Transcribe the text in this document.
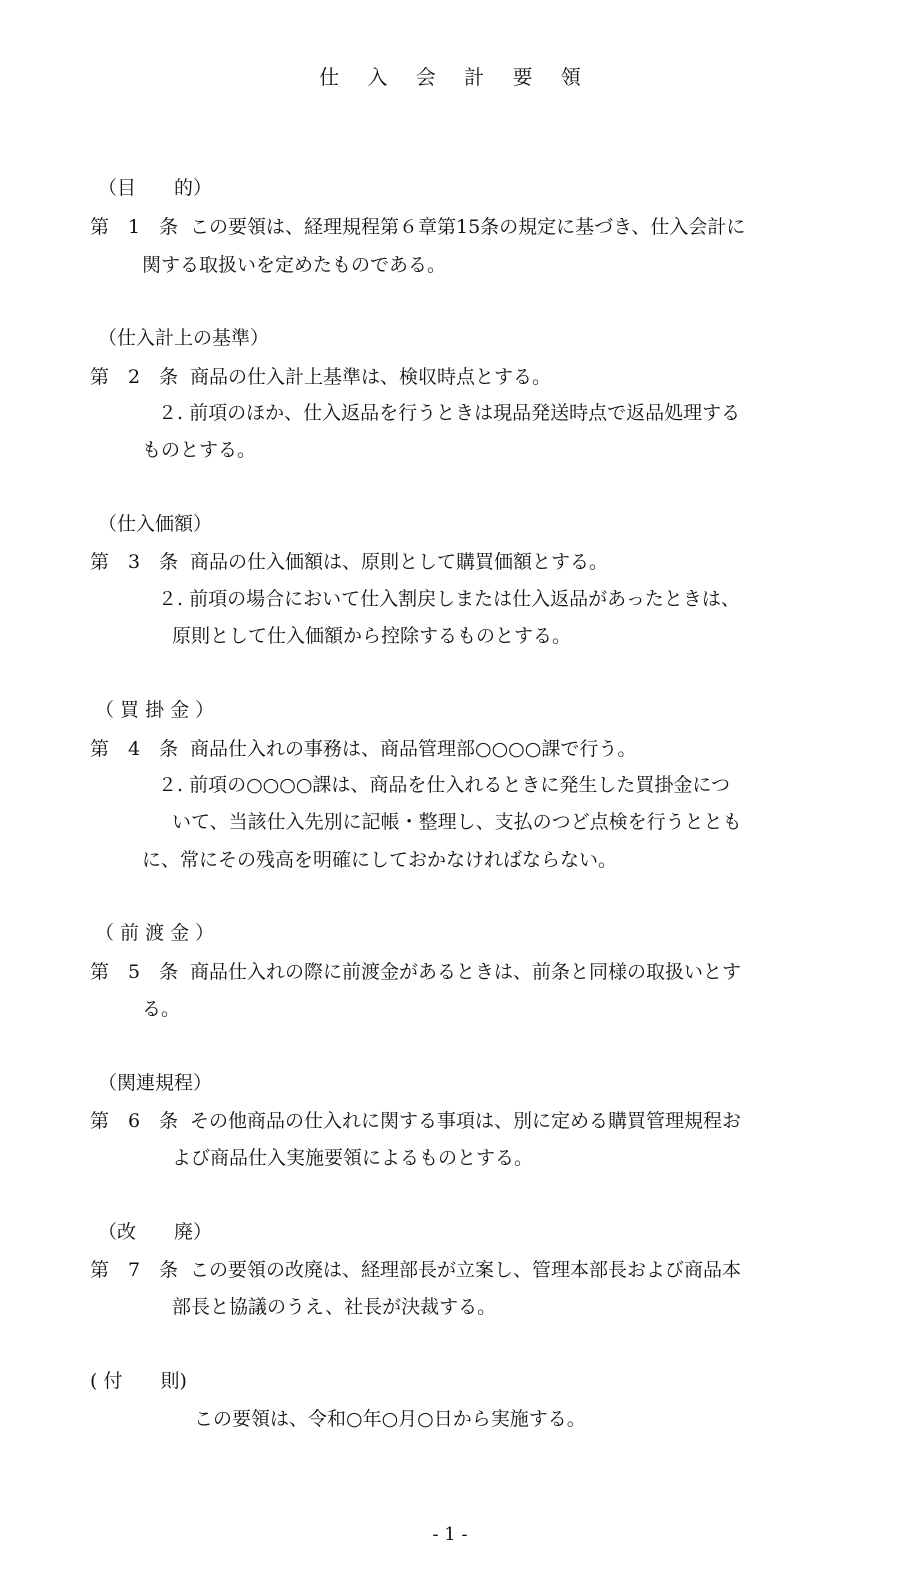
仕 入 会 計 要 領
（目　　的）
第　1　条 この要領は、経理規程第６章第15条の規定に基づき、仕入会計に
関する取扱いを定めたものである。
（仕入計上の基準）
第　2　条 商品の仕入計上基準は、検収時点とする。
２. 前項のほか、仕入返品を行うときは現品発送時点で返品処理する
ものとする。
（仕入価額）
第　3　条 商品の仕入価額は、原則として購買価額とする。
２. 前項の場合において仕入割戻しまたは仕入返品があったときは、
原則として仕入価額から控除するものとする。
（ 買 掛 金 ）
第　4　条 商品仕入れの事務は、商品管理部○○○○課で行う。
２. 前項の○○○○課は、商品を仕入れるときに発生した買掛金につ
いて、当該仕入先別に記帳・整理し、支払のつど点検を行うととも
に、常にその残高を明確にしておかなければならない。
（ 前 渡 金 ）
第　5　条 商品仕入れの際に前渡金があるときは、前条と同様の取扱いとす
る。
（関連規程）
第　6　条 その他商品の仕入れに関する事項は、別に定める購買管理規程お
よび商品仕入実施要領によるものとする。
（改　　廃）
第　7　条 この要領の改廃は、経理部長が立案し、管理本部長および商品本
部長と協議のうえ、社長が決裁する。
( 付　　則)
この要領は、令和○年○月○日から実施する。
- 1 -
